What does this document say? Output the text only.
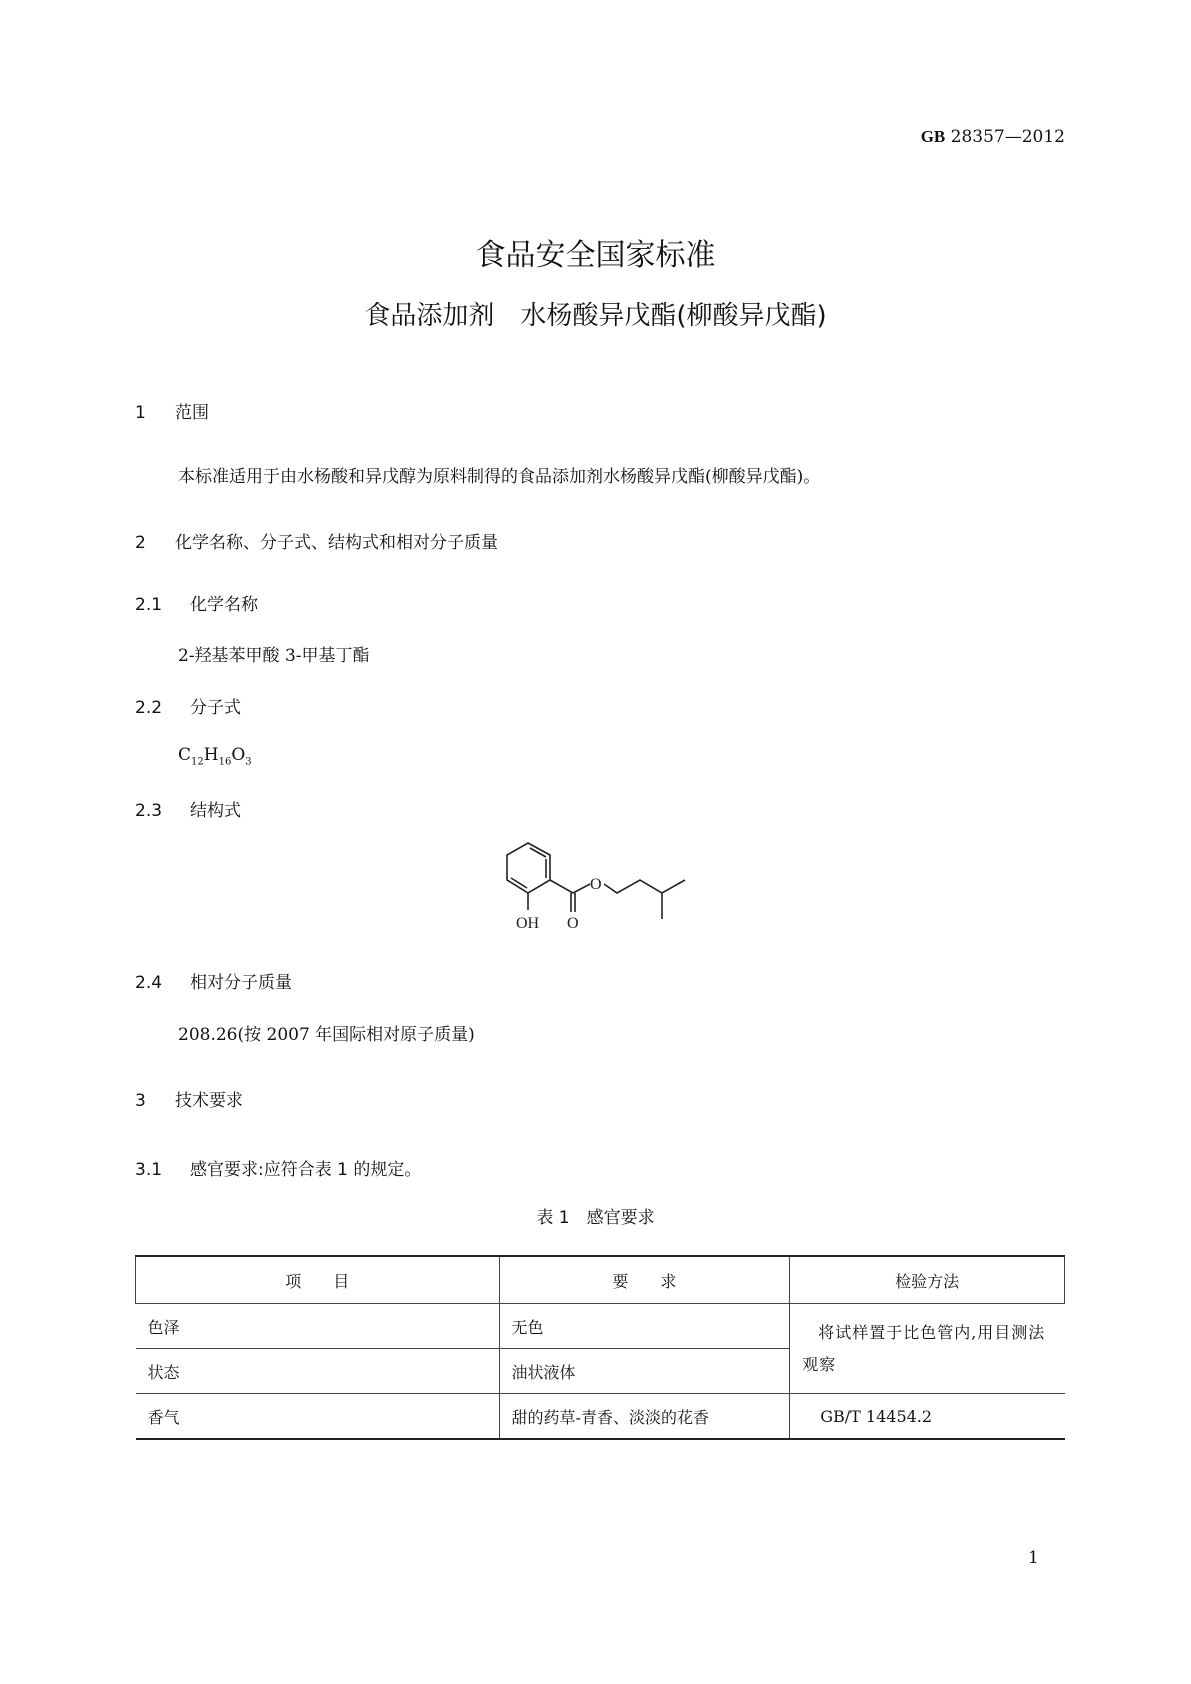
GB 28357—2012
食品安全国家标准
食品添加剂　水杨酸异戊酯(柳酸异戊酯)
1 范围
本标准适用于由水杨酸和异戊醇为原料制得的食品添加剂水杨酸异戊酯(柳酸异戊酯)。
2 化学名称、分子式、结构式和相对分子质量
2.1 化学名称
2-羟基苯甲酸 3-甲基丁酯
2.2 分子式
$C_{12}H_{16}O_3$
2.3 结构式
OH O
O
2.4 相对分子质量
208.26(按 2007 年国际相对原子质量)
3 技术要求
3.1 感官要求:应符合表 1 的规定。
表 1　感官要求
项　　目	要　　求	检验方法
色泽	无色	将试样置于比色管内,用目测法观察
状态	油状液体	
香气	甜的药草-青香、淡淡的花香	GB/T 14454.2
1
